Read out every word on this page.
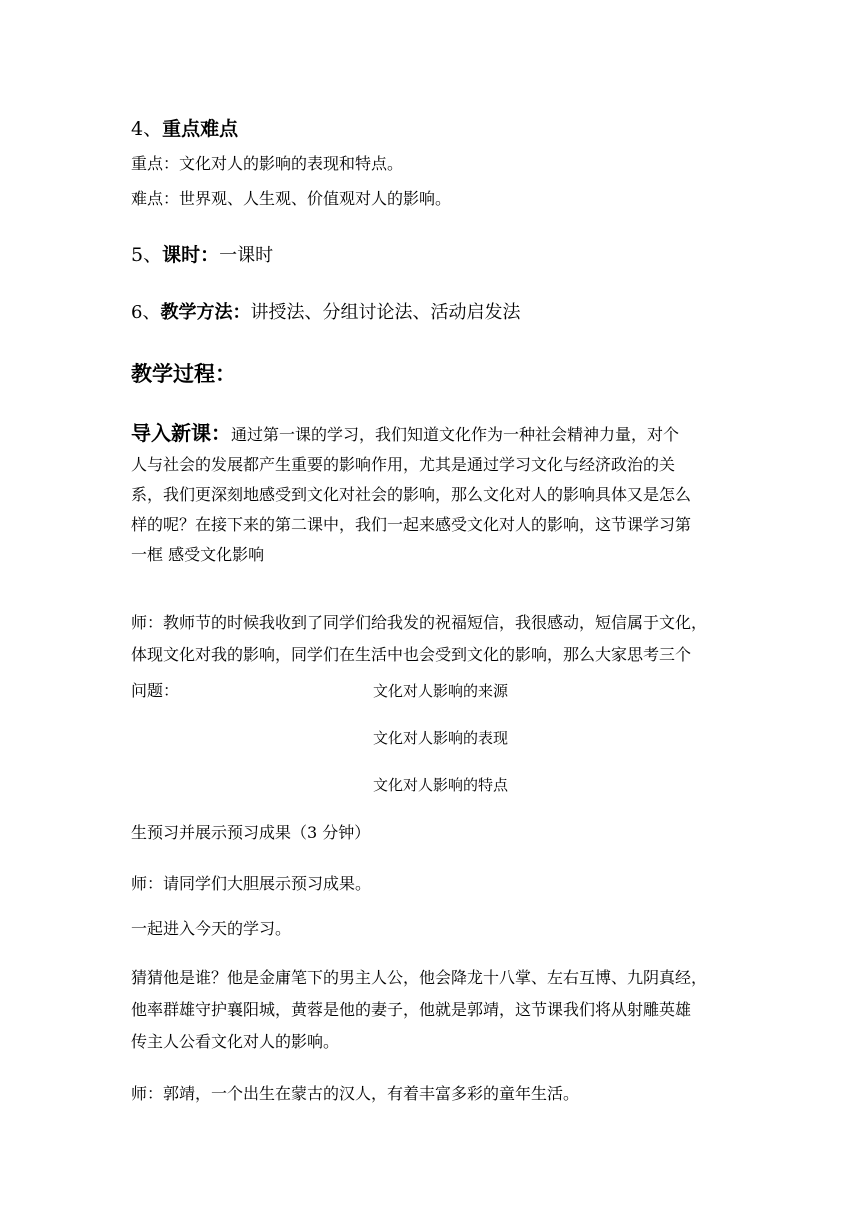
4、重点难点
重点：文化对人的影响的表现和特点。
难点：世界观、人生观、价值观对人的影响。
5、课时：一课时
6、教学方法：讲授法、分组讨论法、活动启发法
教学过程：
导入新课：通过第一课的学习，我们知道文化作为一种社会精神力量，对个
人与社会的发展都产生重要的影响作用，尤其是通过学习文化与经济政治的关
系，我们更深刻地感受到文化对社会的影响，那么文化对人的影响具体又是怎么
样的呢？在接下来的第二课中，我们一起来感受文化对人的影响，这节课学习第
一框 感受文化影响
师：教师节的时候我收到了同学们给我发的祝福短信，我很感动，短信属于文化，
体现文化对我的影响，同学们在生活中也会受到文化的影响，那么大家思考三个
问题：	文化对人影响的来源
文化对人影响的表现
文化对人影响的特点
生预习并展示预习成果（3 分钟）
师：请同学们大胆展示预习成果。
一起进入今天的学习。
猜猜他是谁？他是金庸笔下的男主人公，他会降龙十八掌、左右互博、九阴真经，
他率群雄守护襄阳城，黄蓉是他的妻子，他就是郭靖，这节课我们将从射雕英雄
传主人公看文化对人的影响。
师：郭靖，一个出生在蒙古的汉人，有着丰富多彩的童年生活。
